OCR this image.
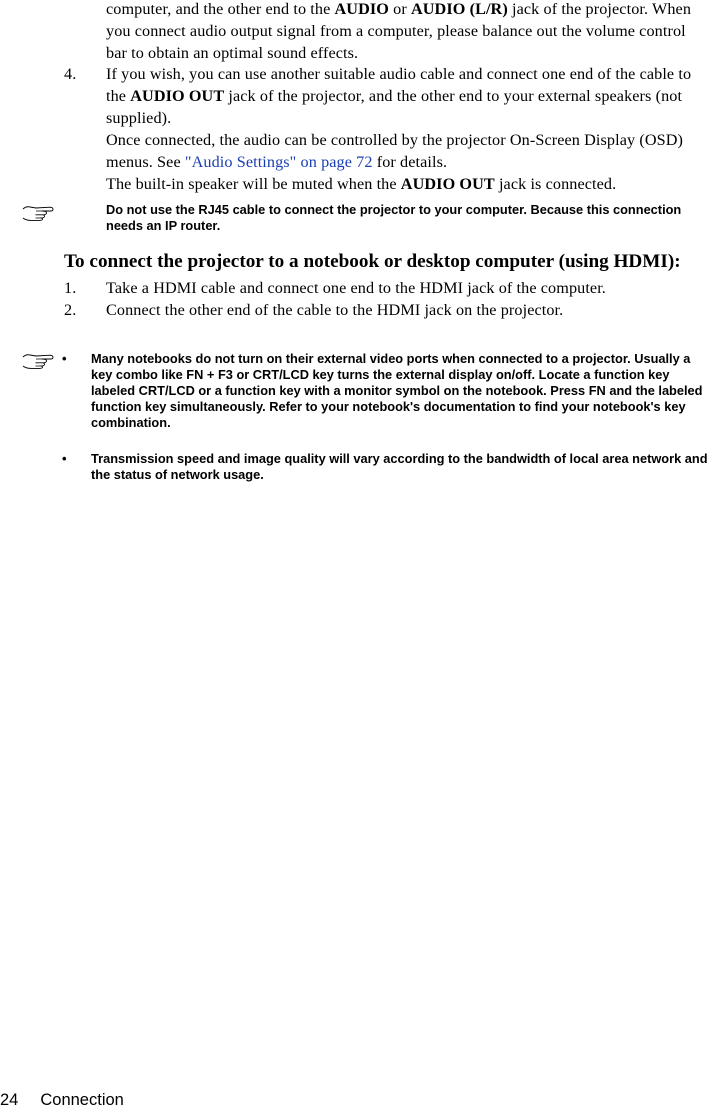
computer, and the other end to the AUDIO or AUDIO (L/R) jack of the projector. When you connect audio output signal from a computer, please balance out the volume control bar to obtain an optimal sound effects.

4. If you wish, you can use another suitable audio cable and connect one end of the cable to the AUDIO OUT jack of the projector, and the other end to your external speakers (not supplied).

Once connected, the audio can be controlled by the projector On-Screen Display (OSD) menus. See "Audio Settings" on page 72 for details.

The built-in speaker will be muted when the AUDIO OUT jack is connected.

Do not use the RJ45 cable to connect the projector to your computer. Because this connection needs an IP router.

To connect the projector to a notebook or desktop computer (using HDMI):
1. Take a HDMI cable and connect one end to the HDMI jack of the computer.

2. Connect the other end of the cable to the HDMI jack on the projector.

• Many notebooks do not turn on their external video ports when connected to a projector. Usually a key combo like FN + F3 or CRT/LCD key turns the external display on/off. Locate a function key labeled CRT/LCD or a function key with a monitor symbol on the notebook. Press FN and the labeled function key simultaneously. Refer to your notebook's documentation to find your notebook's key combination.

• Transmission speed and image quality will vary according to the bandwidth of local area network and the status of network usage.

24 Connection
